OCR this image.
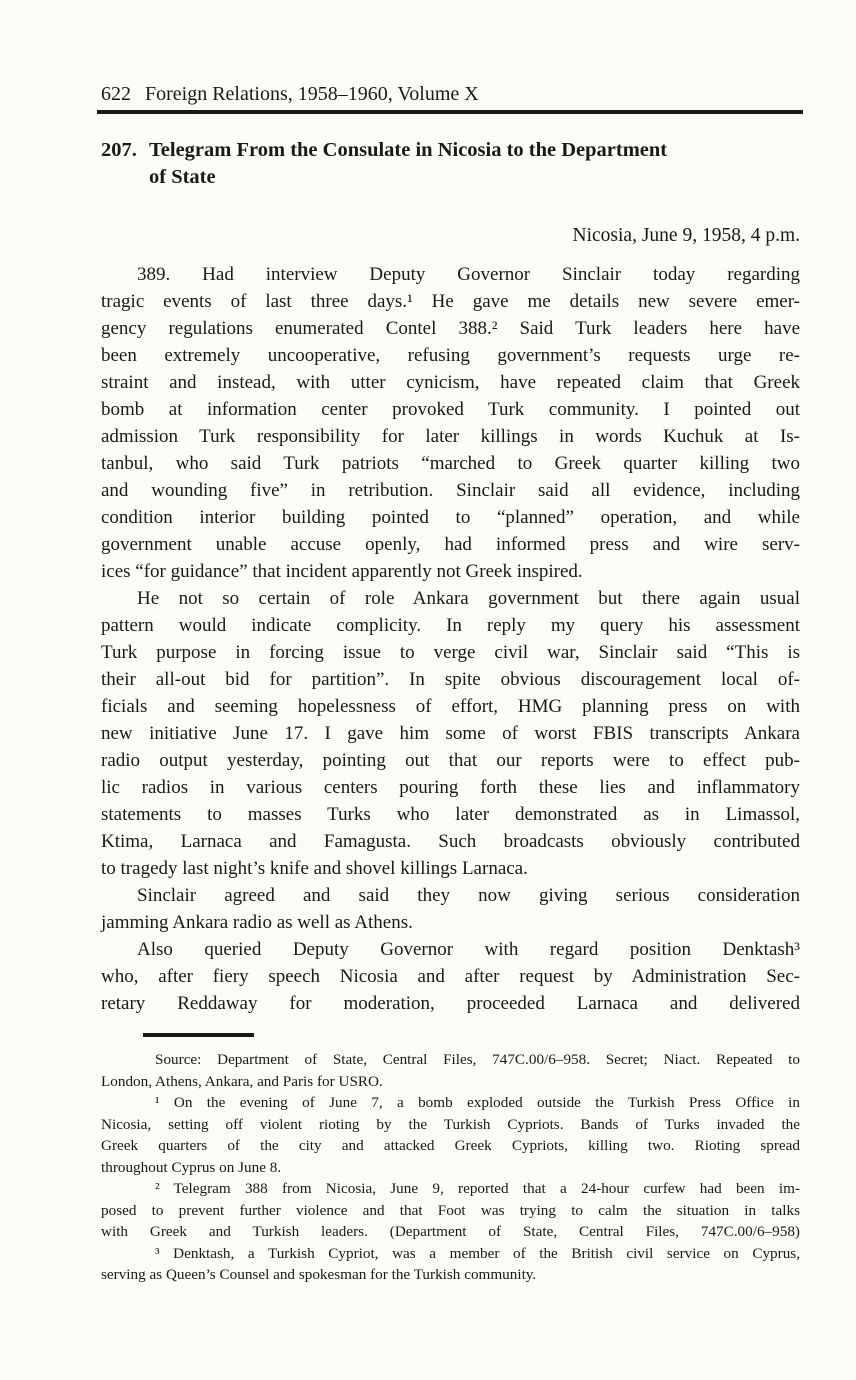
622 Foreign Relations, 1958–1960, Volume X
207. Telegram From the Consulate in Nicosia to the Department
of State
Nicosia, June 9, 1958, 4 p.m.
389. Had interview Deputy Governor Sinclair today regarding
tragic events of last three days.¹ He gave me details new severe emer-
gency regulations enumerated Contel 388.² Said Turk leaders here have
been extremely uncooperative, refusing government’s requests urge re-
straint and instead, with utter cynicism, have repeated claim that Greek
bomb at information center provoked Turk community. I pointed out
admission Turk responsibility for later killings in words Kuchuk at Is-
tanbul, who said Turk patriots “marched to Greek quarter killing two
and wounding five” in retribution. Sinclair said all evidence, including
condition interior building pointed to “planned” operation, and while
government unable accuse openly, had informed press and wire serv-
ices “for guidance” that incident apparently not Greek inspired.
He not so certain of role Ankara government but there again usual
pattern would indicate complicity. In reply my query his assessment
Turk purpose in forcing issue to verge civil war, Sinclair said “This is
their all-out bid for partition”. In spite obvious discouragement local of-
ficials and seeming hopelessness of effort, HMG planning press on with
new initiative June 17. I gave him some of worst FBIS transcripts Ankara
radio output yesterday, pointing out that our reports were to effect pub-
lic radios in various centers pouring forth these lies and inflammatory
statements to masses Turks who later demonstrated as in Limassol,
Ktima, Larnaca and Famagusta. Such broadcasts obviously contributed
to tragedy last night’s knife and shovel killings Larnaca.
Sinclair agreed and said they now giving serious consideration
jamming Ankara radio as well as Athens.
Also queried Deputy Governor with regard position Denktash³
who, after fiery speech Nicosia and after request by Administration Sec-
retary Reddaway for moderation, proceeded Larnaca and delivered
Source: Department of State, Central Files, 747C.00/6–958. Secret; Niact. Repeated to
London, Athens, Ankara, and Paris for USRO.
¹ On the evening of June 7, a bomb exploded outside the Turkish Press Office in
Nicosia, setting off violent rioting by the Turkish Cypriots. Bands of Turks invaded the
Greek quarters of the city and attacked Greek Cypriots, killing two. Rioting spread
throughout Cyprus on June 8.
² Telegram 388 from Nicosia, June 9, reported that a 24-hour curfew had been im-
posed to prevent further violence and that Foot was trying to calm the situation in talks
with Greek and Turkish leaders. (Department of State, Central Files, 747C.00/6–958)
³ Denktash, a Turkish Cypriot, was a member of the British civil service on Cyprus,
serving as Queen’s Counsel and spokesman for the Turkish community.
